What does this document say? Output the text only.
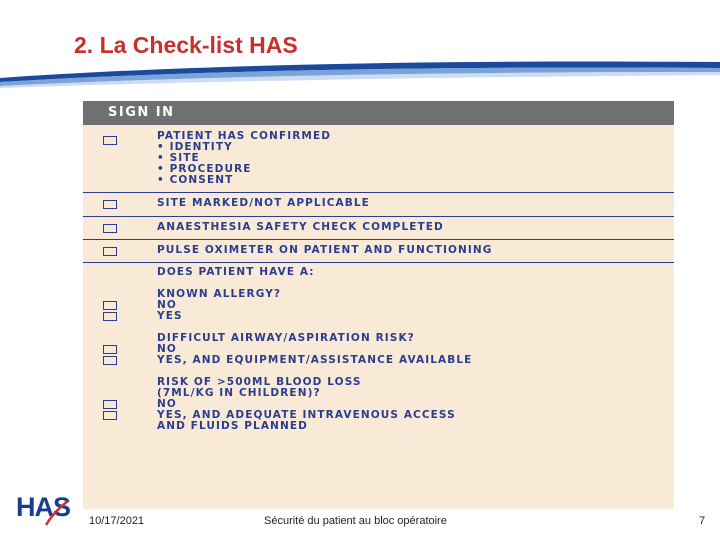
2. La Check-list HAS
SIGN IN
PATIENT HAS CONFIRMED
• IDENTITY
• SITE
• PROCEDURE
• CONSENT
SITE MARKED/NOT APPLICABLE
ANAESTHESIA SAFETY CHECK COMPLETED
PULSE OXIMETER ON PATIENT AND FUNCTIONING
DOES PATIENT HAVE A:
KNOWN ALLERGY?
NO
YES
DIFFICULT AIRWAY/ASPIRATION RISK?
NO
YES, AND EQUIPMENT/ASSISTANCE AVAILABLE
RISK OF >500ML BLOOD LOSS
(7ML/KG IN CHILDREN)?
NO
YES, AND ADEQUATE INTRAVENOUS ACCESS
AND FLUIDS PLANNED
HAS 10/17/2021	Sécurité du patient au bloc opératoire	7
